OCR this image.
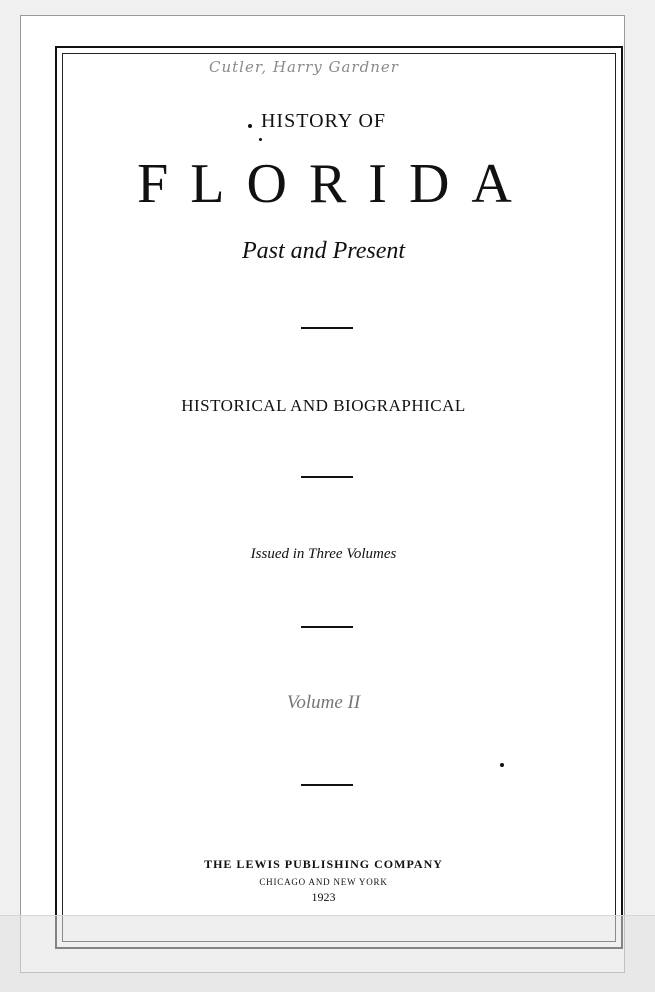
Cutler, Harry Gardner
HISTORY OF
FLORIDA
Past and Present
HISTORICAL AND BIOGRAPHICAL
Issued in Three Volumes
Volume II
THE LEWIS PUBLISHING COMPANY
CHICAGO AND NEW YORK
1923
